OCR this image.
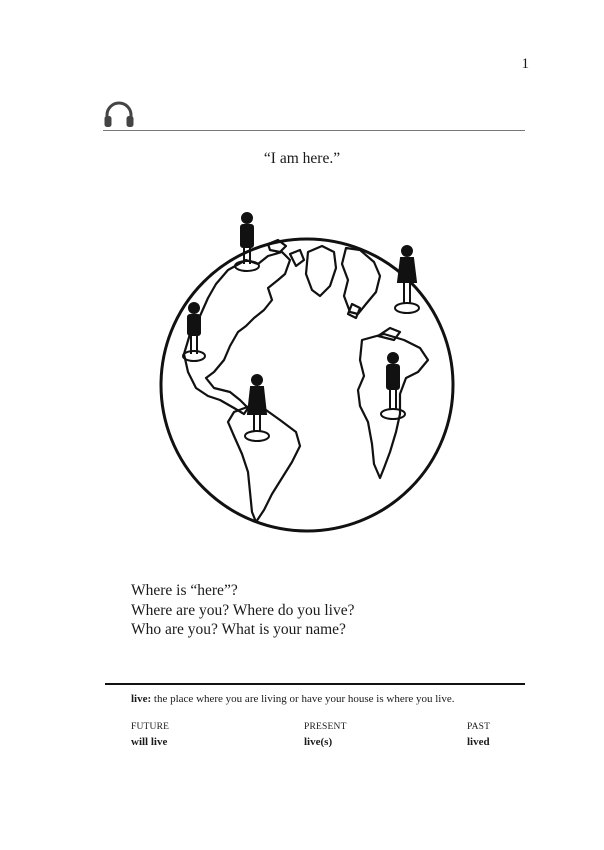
1
“I am here.”
Where is “here”?
Where are you? Where do you live?
Who are you? What is your name?
live: the place where you are living or have your house is where you live.
FUTURE
will live
PRESENT
live(s)
PAST
lived
